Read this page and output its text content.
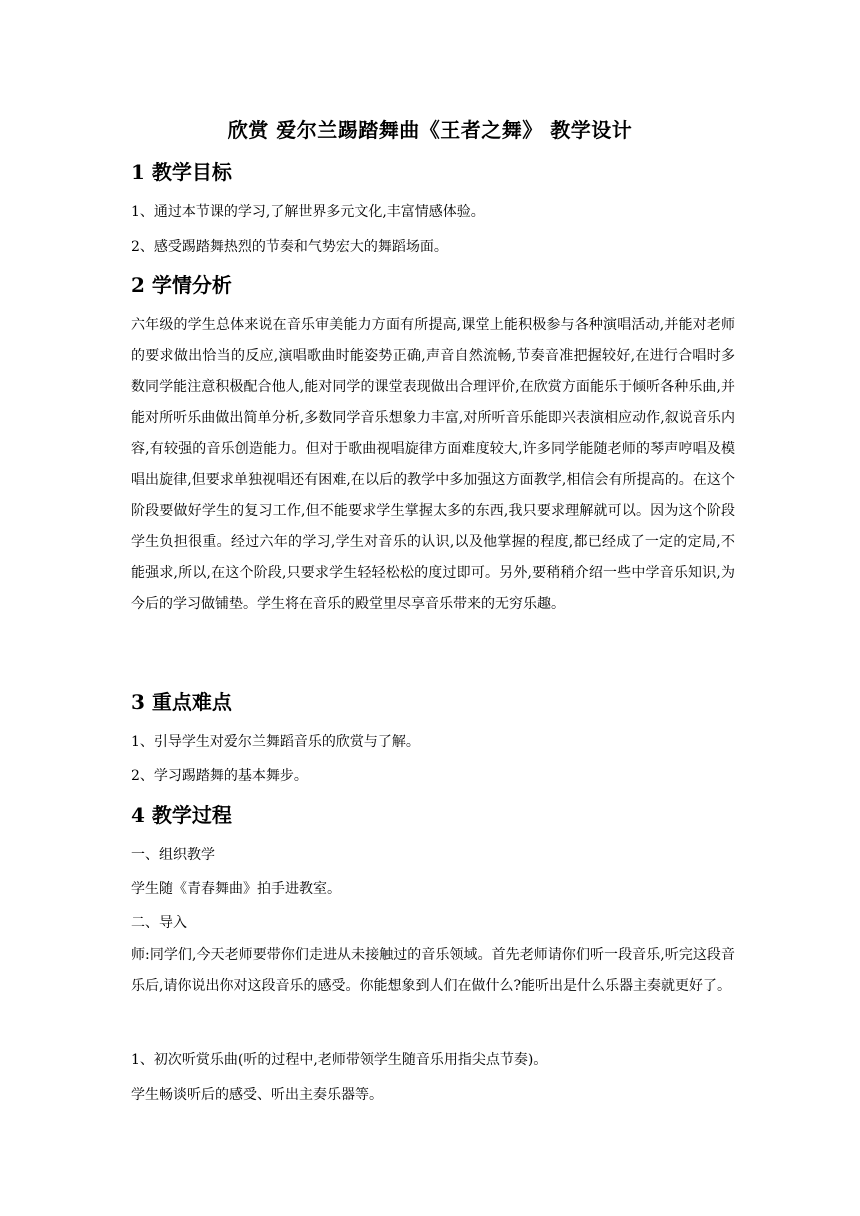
欣赏 爱尔兰踢踏舞曲《王者之舞》 教学设计
1 教学目标

1、通过本节课的学习,了解世界多元文化,丰富情感体验。

2、感受踢踏舞热烈的节奏和气势宏大的舞蹈场面。

2 学情分析

六年级的学生总体来说在音乐审美能力方面有所提高,课堂上能积极参与各种演唱活动,并能对老师的要求做出恰当的反应,演唱歌曲时能姿势正确,声音自然流畅,节奏音准把握较好,在进行合唱时多数同学能注意积极配合他人,能对同学的课堂表现做出合理评价,在欣赏方面能乐于倾听各种乐曲,并能对所听乐曲做出简单分析,多数同学音乐想象力丰富,对所听音乐能即兴表演相应动作,叙说音乐内容,有较强的音乐创造能力。但对于歌曲视唱旋律方面难度较大,许多同学能随老师的琴声哼唱及模唱出旋律,但要求单独视唱还有困难,在以后的教学中多加强这方面教学,相信会有所提高的。在这个阶段要做好学生的复习工作,但不能要求学生掌握太多的东西,我只要求理解就可以。因为这个阶段学生负担很重。经过六年的学习,学生对音乐的认识,以及他掌握的程度,都已经成了一定的定局,不能强求,所以,在这个阶段,只要求学生轻轻松松的度过即可。另外,要稍稍介绍一些中学音乐知识,为今后的学习做铺垫。学生将在音乐的殿堂里尽享音乐带来的无穷乐趣。

3 重点难点

1、引导学生对爱尔兰舞蹈音乐的欣赏与了解。

2、学习踢踏舞的基本舞步。

4 教学过程

一、组织教学

学生随《青春舞曲》拍手进教室。

二、导入

师:同学们,今天老师要带你们走进从未接触过的音乐领域。首先老师请你们听一段音乐,听完这段音乐后,请你说出你对这段音乐的感受。你能想象到人们在做什么?能听出是什么乐器主奏就更好了。

1、初次听赏乐曲(听的过程中,老师带领学生随音乐用指尖点节奏)。

学生畅谈听后的感受、听出主奏乐器等。
